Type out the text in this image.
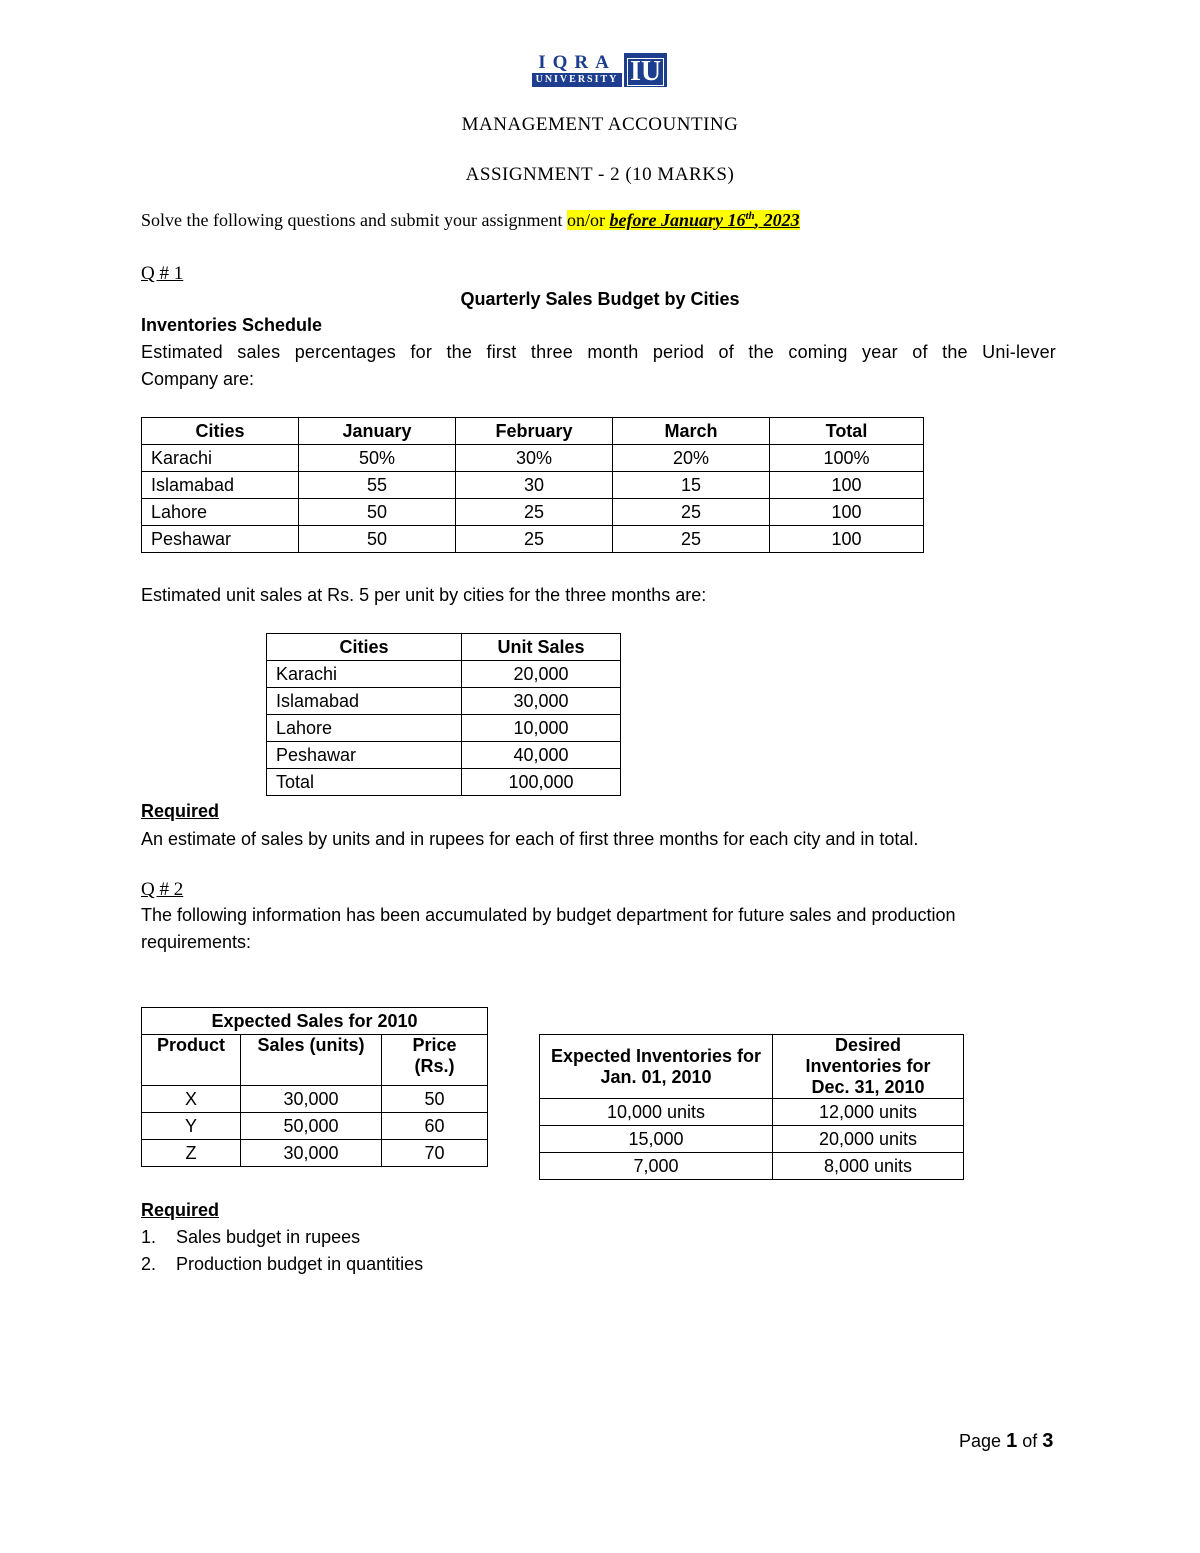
IQRA
UNIVERSITY IU
MANAGEMENT ACCOUNTING
ASSIGNMENT - 2 (10 MARKS)
Solve the following questions and submit your assignment on/or before January 16th, 2023
Q # 1
Quarterly Sales Budget by Cities
Inventories Schedule
Estimated sales percentages for the first three month period of the coming year of the Uni-lever
Company are:
Cities	January	February	March	Total
Karachi	50%	30%	20%	100%
Islamabad	55	30	15	100
Lahore	50	25	25	100
Peshawar	50	25	25	100
Estimated unit sales at Rs. 5 per unit by cities for the three months are:
Cities	Unit Sales
Karachi	20,000
Islamabad	30,000
Lahore	10,000
Peshawar	40,000
Total	100,000
Required
An estimate of sales by units and in rupees for each of first three months for each city and in total.
Q # 2
The following information has been accumulated by budget department for future sales and production
requirements:
Expected Sales for 2010		
Product	Sales (units)	Price (Rs.)
X	30,000	50
Y	50,000	60
Z	30,000	70
Expected Inventories for Jan. 01, 2010	Desired Inventories for Dec. 31, 2010
10,000 units	12,000 units
15,000	20,000 units
7,000	8,000 units
Required
1. Sales budget in rupees
2. Production budget in quantities
Page 1 of 3
